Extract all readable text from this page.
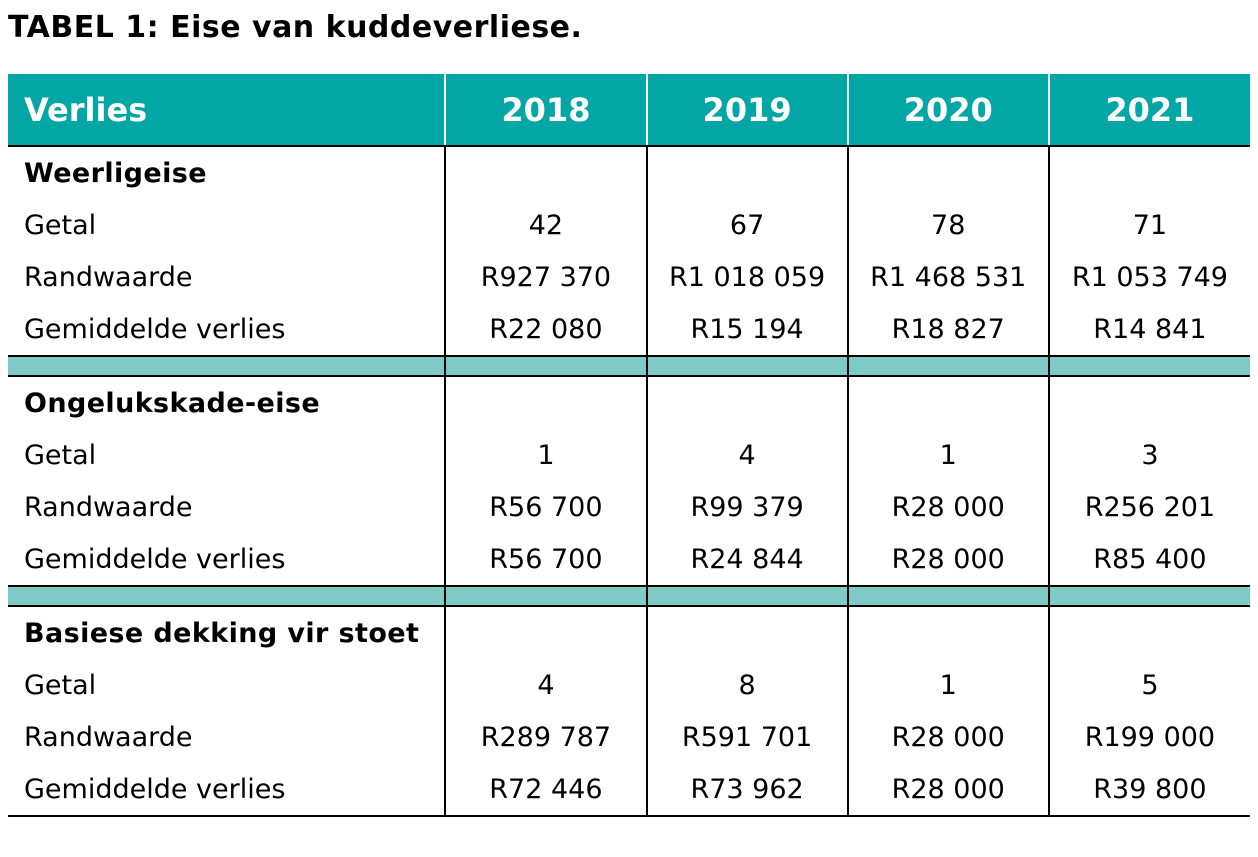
TABEL 1: Eise van kuddeverliese.
Verlies	2018	2019	2020	2021
Weerligeise				
Getal	42	67	78	71
Randwaarde	R927 370	R1 018 059	R1 468 531	R1 053 749
Gemiddelde verlies	R22 080	R15 194	R18 827	R14 841

Ongelukskade-eise				
Getal	1	4	1	3
Randwaarde	R56 700	R99 379	R28 000	R256 201
Gemiddelde verlies	R56 700	R24 844	R28 000	R85 400

Basiese dekking vir stoet				
Getal	4	8	1	5
Randwaarde	R289 787	R591 701	R28 000	R199 000
Gemiddelde verlies	R72 446	R73 962	R28 000	R39 800
